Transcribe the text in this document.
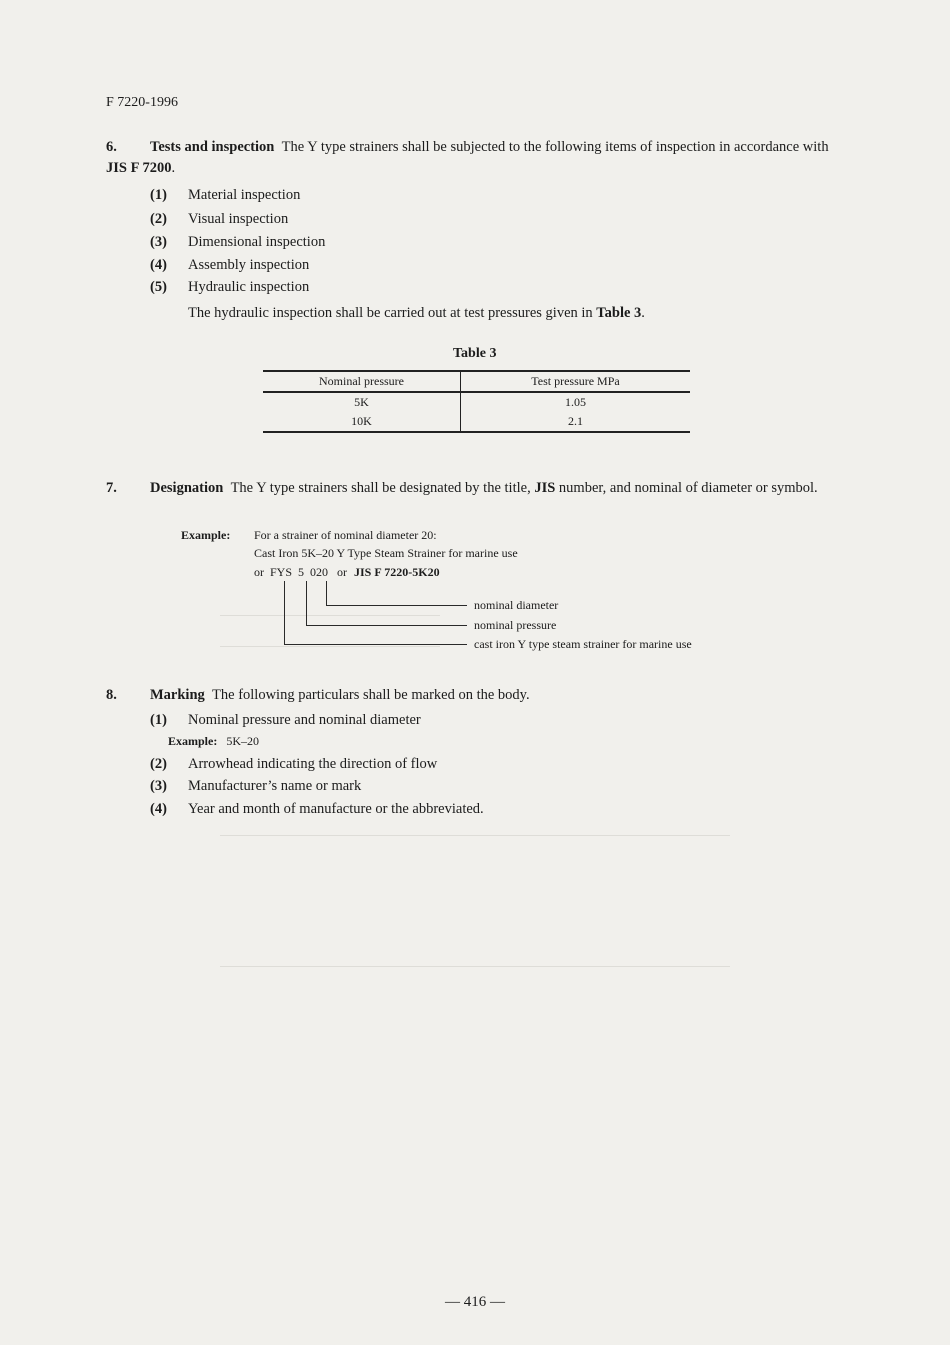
F 7220-1996
6. Tests and inspection The Y type strainers shall be subjected to the following items of inspection in accordance with JIS F 7200.
(1) Material inspection
(2) Visual inspection
(3) Dimensional inspection
(4) Assembly inspection
(5) Hydraulic inspection
The hydraulic inspection shall be carried out at test pressures given in Table 3.
Table 3
Nominal pressure	Test pressure MPa
5K	1.05
10K	2.1
7. Designation The Y type strainers shall be designated by the title, JIS number, and nominal of diameter or symbol.
Example: For a strainer of nominal diameter 20:
Cast Iron 5K–20 Y Type Steam Strainer for marine use
or FYS 5 020 or JIS F 7220-5K20
nominal diameter
nominal pressure
cast iron Y type steam strainer for marine use
8. Marking The following particulars shall be marked on the body.
(1) Nominal pressure and nominal diameter
Example: 5K–20
(2) Arrowhead indicating the direction of flow
(3) Manufacturer’s name or mark
(4) Year and month of manufacture or the abbreviated.
— 416 —
